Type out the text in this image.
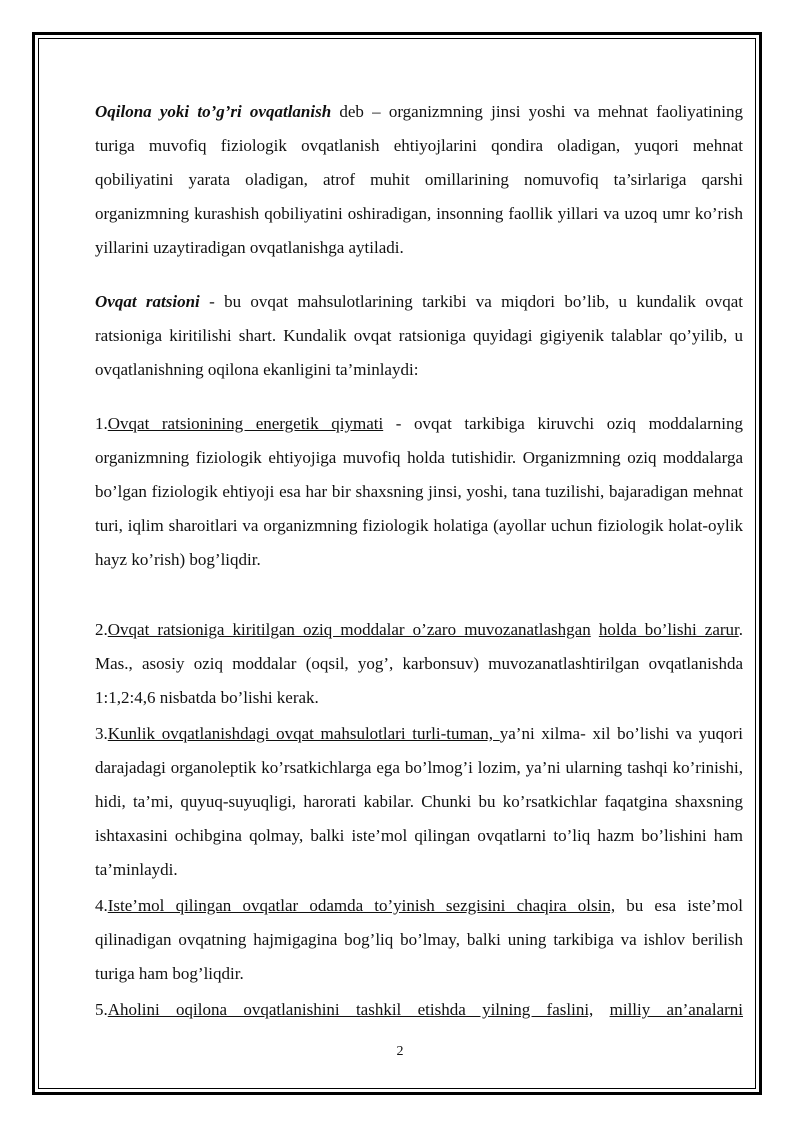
Oqilona yoki to’g’ri ovqatlanish deb – organizmning jinsi yoshi va mehnat faoliyatining turiga muvofiq fiziologik ovqatlanish ehtiyojlarini qondira oladigan, yuqori mehnat qobiliyatini yarata oladigan, atrof muhit omillarining nomuvofiq ta’sirlariga qarshi organizmning kurashish qobiliyatini oshiradigan, insonning faollik yillari va uzoq umr ko’rish yillarini uzaytiradigan ovqatlanishga aytiladi.

Ovqat ratsioni - bu ovqat mahsulotlarining tarkibi va miqdori bo’lib, u kundalik ovqat ratsioniga kiritilishi shart. Kundalik ovqat ratsioniga quyidagi gigiyenik talablar qo’yilib, u ovqatlanishning oqilona ekanligini ta’minlaydi:

1.Ovqat ratsionining energetik qiymati - ovqat tarkibiga kiruvchi oziq moddalarning organizmning fiziologik ehtiyojiga muvofiq holda tutishidir. Organizmning oziq moddalarga bo’lgan fiziologik ehtiyoji esa har bir shaxsning jinsi, yoshi, tana tuzilishi, bajaradigan mehnat turi, iqlim sharoitlari va organizmning fiziologik holatiga (ayollar uchun fiziologik holat-oylik hayz ko’rish) bog’liqdir.

2.Ovqat ratsioniga kiritilgan oziq moddalar o’zaro muvozanatlashgan holda bo’lishi zarur. Mas., asosiy oziq moddalar (oqsil, yog’, karbonsuv) muvozanatlashtirilgan ovqatlanishda 1:1,2:4,6 nisbatda bo’lishi kerak.

3.Kunlik ovqatlanishdagi ovqat mahsulotlari turli-tuman, ya’ni xilma- xil bo’lishi va yuqori darajadagi organoleptik ko’rsatkichlarga ega bo’lmog’i lozim, ya’ni ularning tashqi ko’rinishi, hidi, ta’mi, quyuq-suyuqligi, harorati kabilar. Chunki bu ko’rsatkichlar faqatgina shaxsning ishtaxasini ochibgina qolmay, balki iste’mol qilingan ovqatlarni to’liq hazm bo’lishini ham ta’minlaydi.

4.Iste’mol qilingan ovqatlar odamda to’yinish sezgisini chaqira olsin, bu esa iste’mol qilinadigan ovqatning hajmigagina bog’liq bo’lmay, balki uning tarkibiga va ishlov berilish turiga ham bog’liqdir.

5.Aholini oqilona ovqatlanishini tashkil etishda yilning faslini, milliy an’analarni

2
